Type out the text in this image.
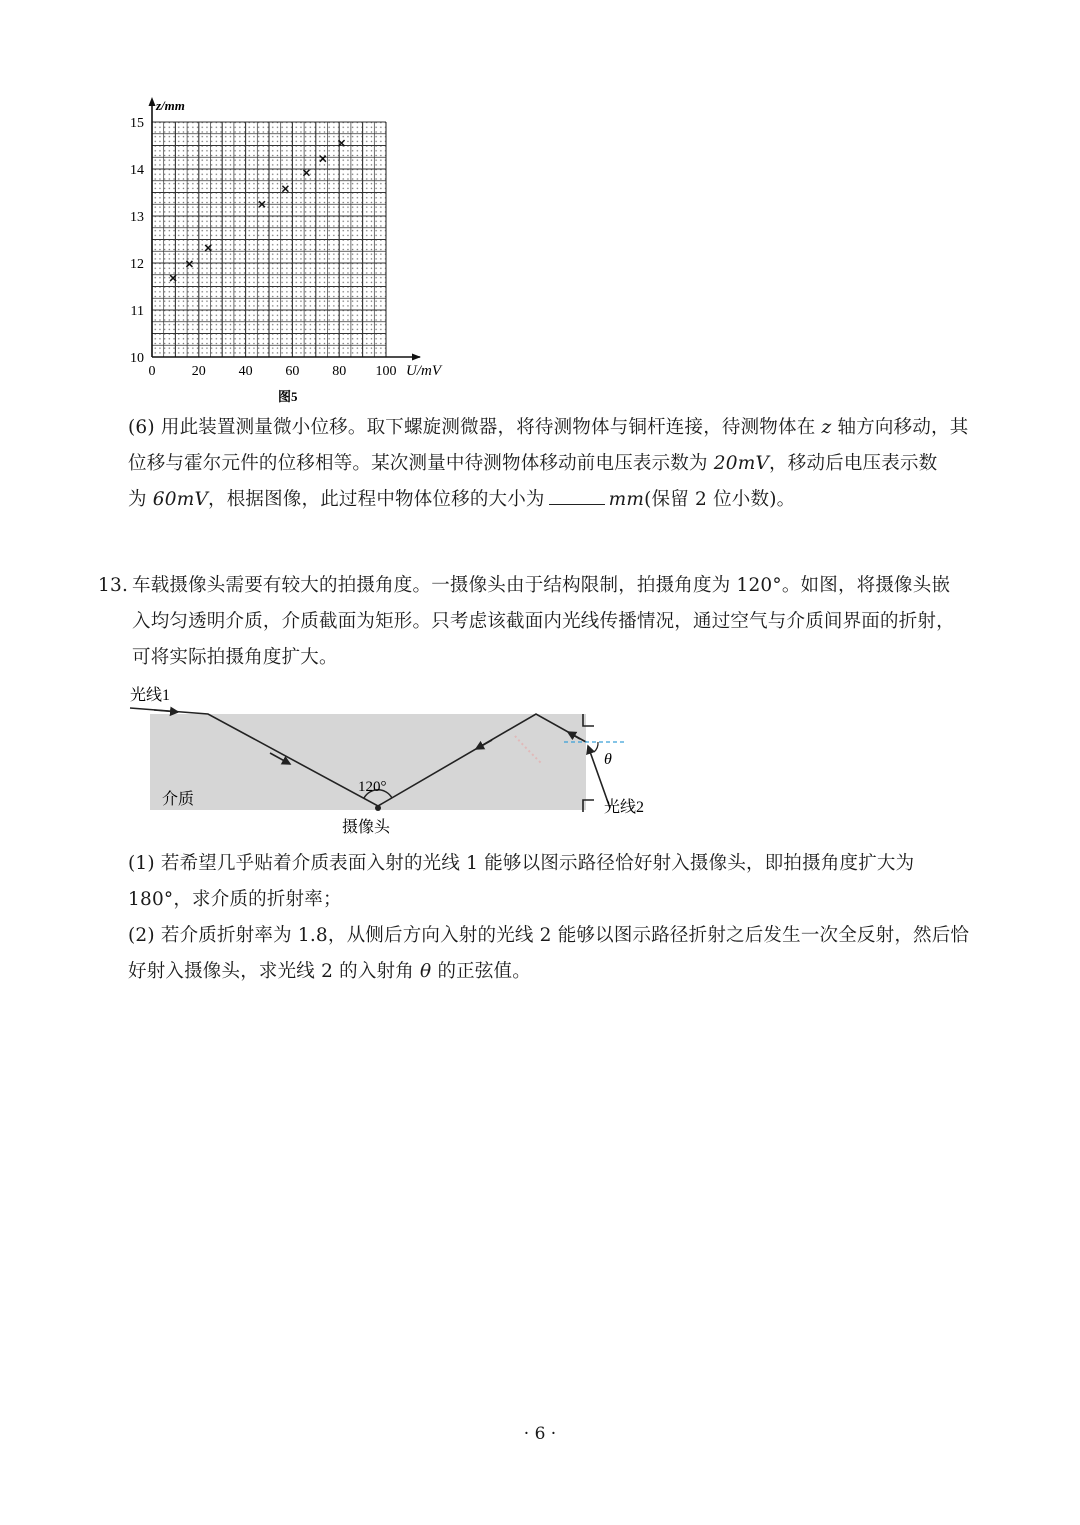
10
11
12
13
14
15
0	20 40 60 80 100
z/mm
U/mV
图5
(6) 用此装置测量微小位移。取下螺旋测微器，将待测物体与铜杆连接，待测物体在 z 轴方向移动，其
位移与霍尔元件的位移相等。某次测量中待测物体移动前电压表示数为 20mV，移动后电压表示数
为 60mV，根据图像，此过程中物体位移的大小为	mm(保留 2 位小数)。
13. 车载摄像头需要有较大的拍摄角度。一摄像头由于结构限制，拍摄角度为 120°。如图，将摄像头嵌
入均匀透明介质，介质截面为矩形。只考虑该截面内光线传播情况，通过空气与介质间界面的折射，
可将实际拍摄角度扩大。
光线1
介质
120°
摄像头
θ
光线2
(1) 若希望几乎贴着介质表面入射的光线 1 能够以图示路径恰好射入摄像头，即拍摄角度扩大为
180°，求介质的折射率；
(2) 若介质折射率为 1.8，从侧后方向入射的光线 2 能够以图示路径折射之后发生一次全反射，然后恰
好射入摄像头，求光线 2 的入射角 θ 的正弦值。
· 6 ·
